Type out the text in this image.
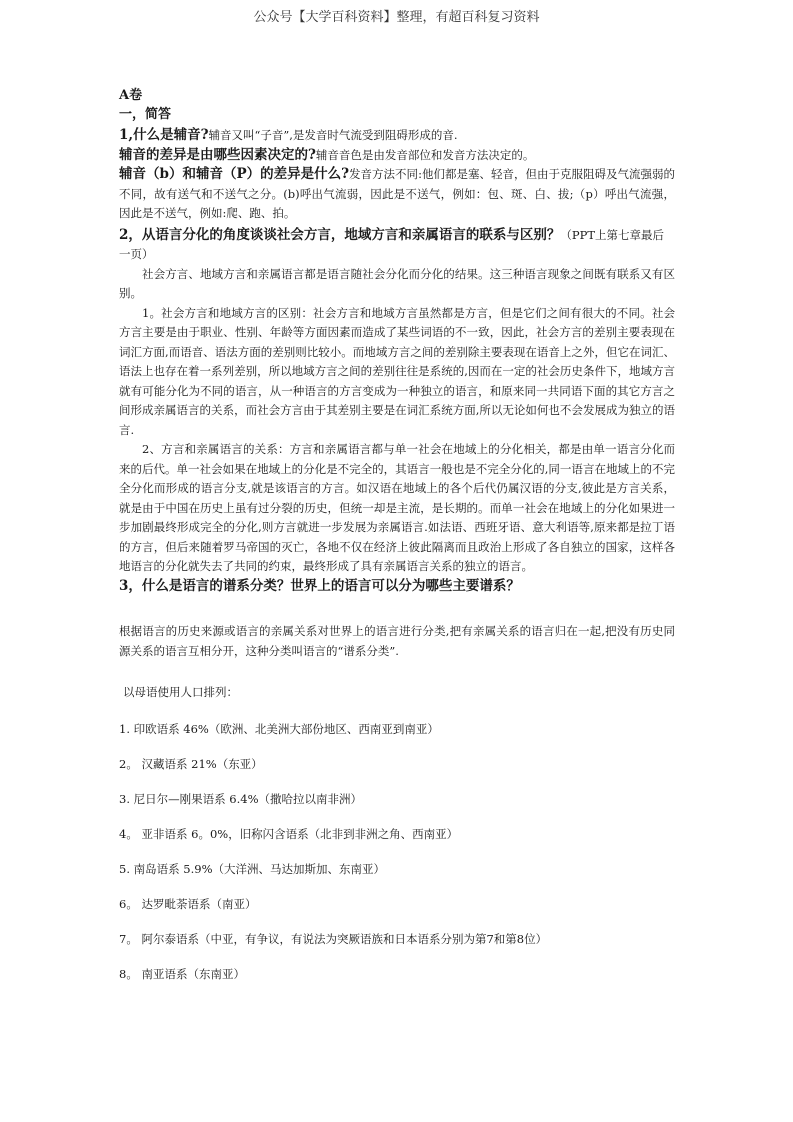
公众号【大学百科资料】整理，有超百科复习资料

A卷

一，简答

1,什么是辅音?辅音又叫“子音”,是发音时气流受到阻碍形成的音.

辅音的差异是由哪些因素决定的?辅音音色是由发音部位和发音方法决定的。

辅音（b）和辅音（P）的差异是什么?发音方法不同:他们都是塞、轻音，但由于克服阻碍及气流强弱的不同，故有送气和不送气之分。(b)呼出气流弱，因此是不送气，例如：包、斑、白、拔;（p）呼出气流强，因此是不送气，例如:爬、跑、拍。

2，从语言分化的角度谈谈社会方言，地域方言和亲属语言的联系与区别？（PPT上第七章最后一页）

社会方言、地域方言和亲属语言都是语言随社会分化而分化的结果。这三种语言现象之间既有联系又有区别。

1。社会方言和地域方言的区别：社会方言和地域方言虽然都是方言，但是它们之间有很大的不同。社会方言主要是由于职业、性别、年龄等方面因素而造成了某些词语的不一致，因此，社会方言的差别主要表现在词汇方面,而语音、语法方面的差别则比较小。而地域方言之间的差别除主要表现在语音上之外，但它在词汇、语法上也存在着一系列差别，所以地域方言之间的差别往往是系统的,因而在一定的社会历史条件下，地域方言就有可能分化为不同的语言，从一种语言的方言变成为一种独立的语言，和原来同一共同语下面的其它方言之间形成亲属语言的关系，而社会方言由于其差别主要是在词汇系统方面,所以无论如何也不会发展成为独立的语言.

2、方言和亲属语言的关系：方言和亲属语言都与单一社会在地域上的分化相关，都是由单一语言分化而来的后代。单一社会如果在地域上的分化是不完全的，其语言一般也是不完全分化的,同一语言在地域上的不完全分化而形成的语言分支,就是该语言的方言。如汉语在地域上的各个后代仍属汉语的分支,彼此是方言关系，就是由于中国在历史上虽有过分裂的历史，但统一却是主流，是长期的。而单一社会在地域上的分化如果进一步加剧最终形成完全的分化,则方言就进一步发展为亲属语言.如法语、西班牙语、意大利语等,原来都是拉丁语的方言，但后来随着罗马帝国的灭亡，各地不仅在经济上彼此隔离而且政治上形成了各自独立的国家，这样各地语言的分化就失去了共同的约束，最终形成了具有亲属语言关系的独立的语言。

3，什么是语言的谱系分类？世界上的语言可以分为哪些主要谱系？

根据语言的历史来源或语言的亲属关系对世界上的语言进行分类,把有亲属关系的语言归在一起,把没有历史同源关系的语言互相分开，这种分类叫语言的“谱系分类”.

以母语使用人口排列：

1. 印欧语系 46%（欧洲、北美洲大部份地区、西南亚到南亚）

2。 汉藏语系 21%（东亚）

3. 尼日尔—刚果语系 6.4%（撒哈拉以南非洲）

4。 亚非语系 6。0%，旧称闪含语系（北非到非洲之角、西南亚）

5. 南岛语系 5.9%（大洋洲、马达加斯加、东南亚）

6。 达罗毗荼语系（南亚）

7。 阿尔泰语系（中亚，有争议，有说法为突厥语族和日本语系分别为第7和第8位）

8。 南亚语系（东南亚）
